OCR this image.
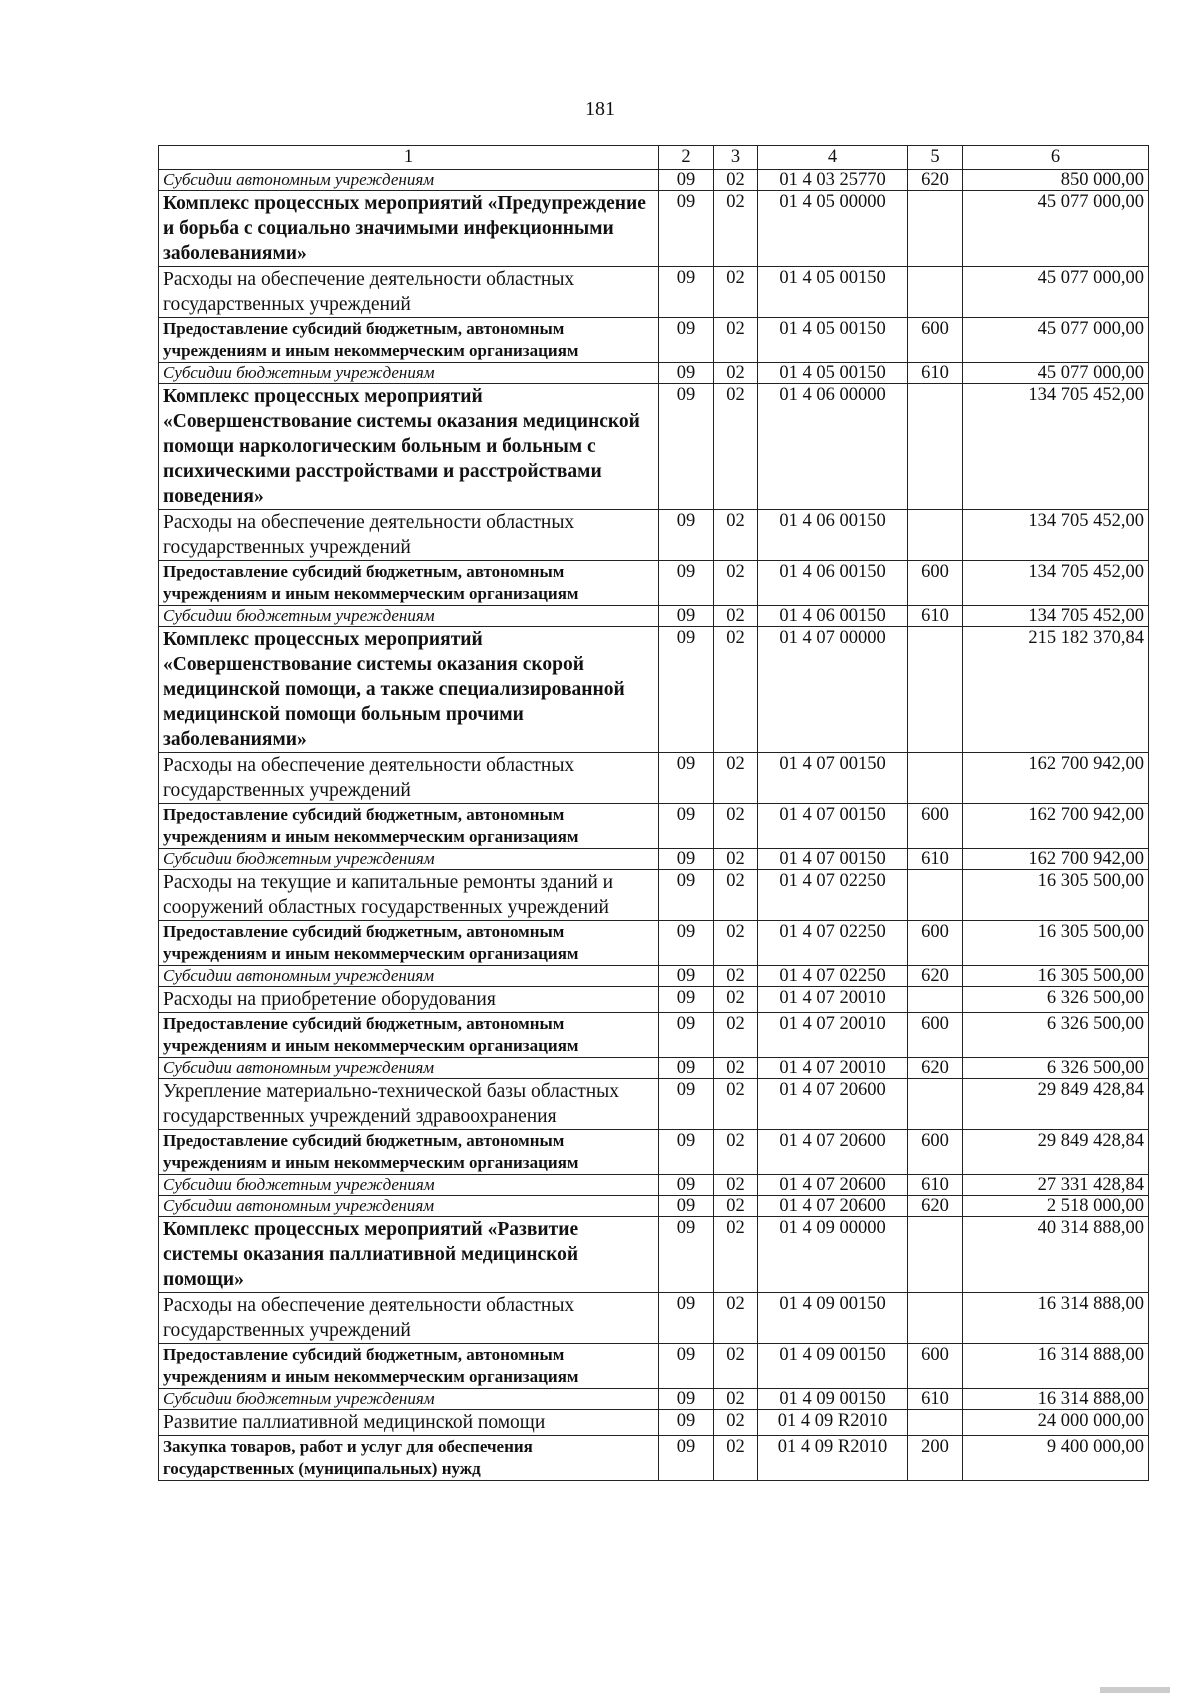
181
1	2	3	4	5	6
Субсидии автономным учреждениям	09	02	01 4 03 25770	620	850 000,00
Комплекс процессных мероприятий «Предупреждение и борьба с социально значимыми инфекционными заболеваниями»	09	02	01 4 05 00000		45 077 000,00
Расходы на обеспечение деятельности областных государственных учреждений	09	02	01 4 05 00150		45 077 000,00
Предоставление субсидий бюджетным, автономным учреждениям и иным некоммерческим организациям	09	02	01 4 05 00150	600	45 077 000,00
Субсидии бюджетным учреждениям	09	02	01 4 05 00150	610	45 077 000,00
Комплекс процессных мероприятий «Совершенствование системы оказания медицинской помощи наркологическим больным и больным с психическими расстройствами и расстройствами поведения»	09	02	01 4 06 00000		134 705 452,00
Расходы на обеспечение деятельности областных государственных учреждений	09	02	01 4 06 00150		134 705 452,00
Предоставление субсидий бюджетным, автономным учреждениям и иным некоммерческим организациям	09	02	01 4 06 00150	600	134 705 452,00
Субсидии бюджетным учреждениям	09	02	01 4 06 00150	610	134 705 452,00
Комплекс процессных мероприятий «Совершенствование системы оказания скорой медицинской помощи, а также специализированной медицинской помощи больным прочими заболеваниями»	09	02	01 4 07 00000		215 182 370,84
Расходы на обеспечение деятельности областных государственных учреждений	09	02	01 4 07 00150		162 700 942,00
Предоставление субсидий бюджетным, автономным учреждениям и иным некоммерческим организациям	09	02	01 4 07 00150	600	162 700 942,00
Субсидии бюджетным учреждениям	09	02	01 4 07 00150	610	162 700 942,00
Расходы на текущие и капитальные ремонты зданий и сооружений областных государственных учреждений	09	02	01 4 07 02250		16 305 500,00
Предоставление субсидий бюджетным, автономным учреждениям и иным некоммерческим организациям	09	02	01 4 07 02250	600	16 305 500,00
Субсидии автономным учреждениям	09	02	01 4 07 02250	620	16 305 500,00
Расходы на приобретение оборудования	09	02	01 4 07 20010		6 326 500,00
Предоставление субсидий бюджетным, автономным учреждениям и иным некоммерческим организациям	09	02	01 4 07 20010	600	6 326 500,00
Субсидии автономным учреждениям	09	02	01 4 07 20010	620	6 326 500,00
Укрепление материально-технической базы областных государственных учреждений здравоохранения	09	02	01 4 07 20600		29 849 428,84
Предоставление субсидий бюджетным, автономным учреждениям и иным некоммерческим организациям	09	02	01 4 07 20600	600	29 849 428,84
Субсидии бюджетным учреждениям	09	02	01 4 07 20600	610	27 331 428,84
Субсидии автономным учреждениям	09	02	01 4 07 20600	620	2 518 000,00
Комплекс процессных мероприятий «Развитие системы оказания паллиативной медицинской помощи»	09	02	01 4 09 00000		40 314 888,00
Расходы на обеспечение деятельности областных государственных учреждений	09	02	01 4 09 00150		16 314 888,00
Предоставление субсидий бюджетным, автономным учреждениям и иным некоммерческим организациям	09	02	01 4 09 00150	600	16 314 888,00
Субсидии бюджетным учреждениям	09	02	01 4 09 00150	610	16 314 888,00
Развитие паллиативной медицинской помощи	09	02	01 4 09 R2010		24 000 000,00
Закупка товаров, работ и услуг для обеспечения государственных (муниципальных) нужд	09	02	01 4 09 R2010	200	9 400 000,00
